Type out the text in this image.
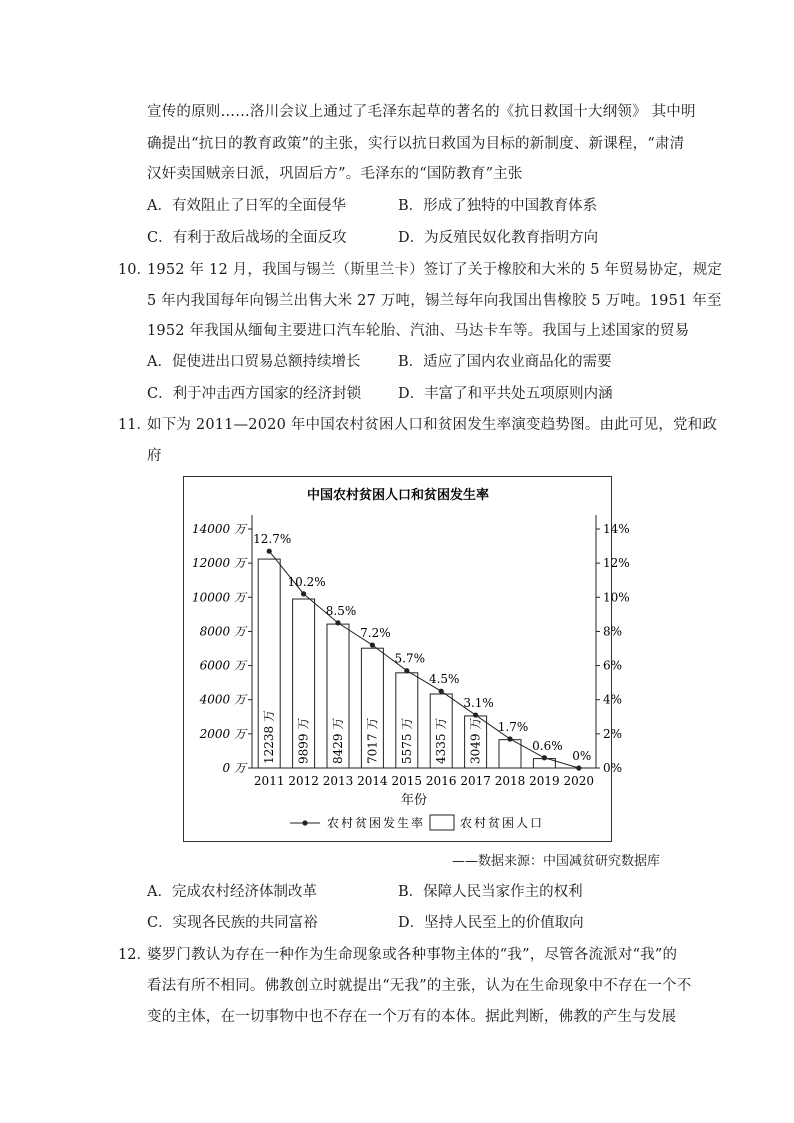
宣传的原则……洛川会议上通过了毛泽东起草的著名的《抗日救国十大纲领》 其中明
确提出“抗日的教育政策”的主张，实行以抗日救国为目标的新制度、新课程，“肃清
汉奸卖国贼亲日派，巩固后方”。毛泽东的“国防教育”主张
A．有效阻止了日军的全面侵华	B．形成了独特的中国教育体系
C．有利于敌后战场的全面反攻	D．为反殖民奴化教育指明方向
10．
1952 年 12 月，我国与锡兰（斯里兰卡）签订了关于橡胶和大米的 5 年贸易协定，规定
5 年内我国每年向锡兰出售大米 27 万吨，锡兰每年向我国出售橡胶 5 万吨。1951 年至
1952 年我国从缅甸主要进口汽车轮胎、汽油、马达卡车等。我国与上述国家的贸易
A．促使进出口贸易总额持续增长	B．适应了国内农业商品化的需要
C．利于冲击西方国家的经济封锁	D．丰富了和平共处五项原则内涵
11．
如下为 2011—2020 年中国农村贫困人口和贫困发生率演变趋势图。由此可见，党和政
府
中国农村贫困人口和贫困发生率
14000 万
12000 万
10000 万
8000 万
6000 万
4000 万
2000 万
0 万
14%
12%
10%
8%
6%
4%
2%
0%
2011 2012 2013 2014 2015 2016 2017 2018 2019 2020
12238 万 9899 万 8429 万 7017 万 5575 万 4335 万 3049 万
12.7%
10.2%
8.5%
7.2%
5.7%
4.5%
3.1%
1.7%
0.6%
0%
年份
农村贫困发生率	农村贫困人口
——数据来源：中国减贫研究数据库
A．完成农村经济体制改革	B．保障人民当家作主的权利
C．实现各民族的共同富裕	D．坚持人民至上的价值取向
12．
婆罗门教认为存在一种作为生命现象或各种事物主体的“我”，尽管各流派对“我”的
看法有所不相同。佛教创立时就提出“无我”的主张，认为在生命现象中不存在一个不
变的主体，在一切事物中也不存在一个万有的本体。据此判断，佛教的产生与发展
